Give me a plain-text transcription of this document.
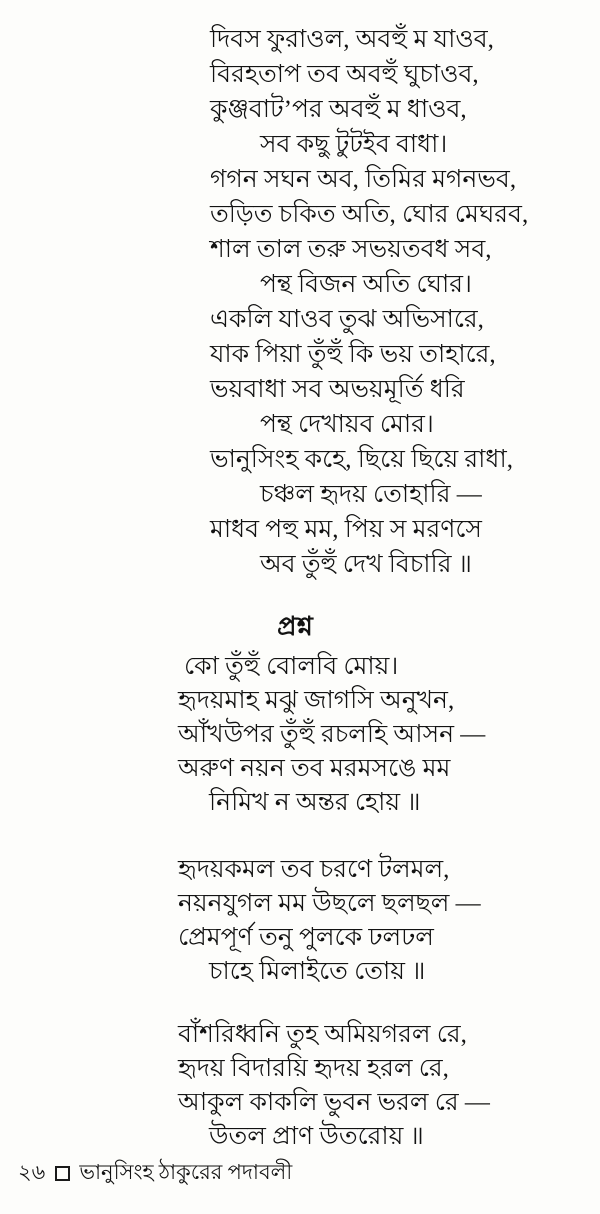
দিবস ফুরাওল, অবহুঁ ম যাওব,
বিরহতাপ তব অবহুঁ ঘুচাওব,
কুঞ্জবাট’পর অবহুঁ ম ধাওব,
সব কছু টুটইব বাধা।
গগন সঘন অব, তিমির মগনভব,
তড়িত চকিত অতি, ঘোর মেঘরব,
শাল তাল তরু সভয়তবধ সব,
পন্থ বিজন অতি ঘোর।
একলি যাওব তুঝ অভিসারে,
যাক পিয়া তুঁহুঁ কি ভয় তাহারে,
ভয়বাধা সব অভয়মূর্তি ধরি
পন্থ দেখায়ব মোর।
ভানুসিংহ কহে, ছিয়ে ছিয়ে রাধা,
চঞ্চল হৃদয় তোহারি —
মাধব পহু মম, পিয় স মরণসে
অব তুঁহুঁ দেখ বিচারি ॥
প্রশ্ন
কো তুঁহুঁ বোলবি মোয়।
হৃদয়মাহ মঝু জাগসি অনুখন,
আঁখউপর তুঁহুঁ রচলহি আসন —
অরুণ নয়ন তব মরমসঙে মম
নিমিখ ন অন্তর হোয় ॥
হৃদয়কমল তব চরণে টলমল,
নয়নযুগল মম উছলে ছলছল —
প্রেমপূর্ণ তনু পুলকে ঢলঢল
চাহে মিলাইতে তোয় ॥
বাঁশরিধ্বনি তুহ অমিয়গরল রে,
হৃদয় বিদারয়ি হৃদয় হরল রে,
আকুল কাকলি ভুবন ভরল রে —
উতল প্রাণ উতরোয় ॥
২৬ ভানুসিংহ ঠাকুরের পদাবলী
